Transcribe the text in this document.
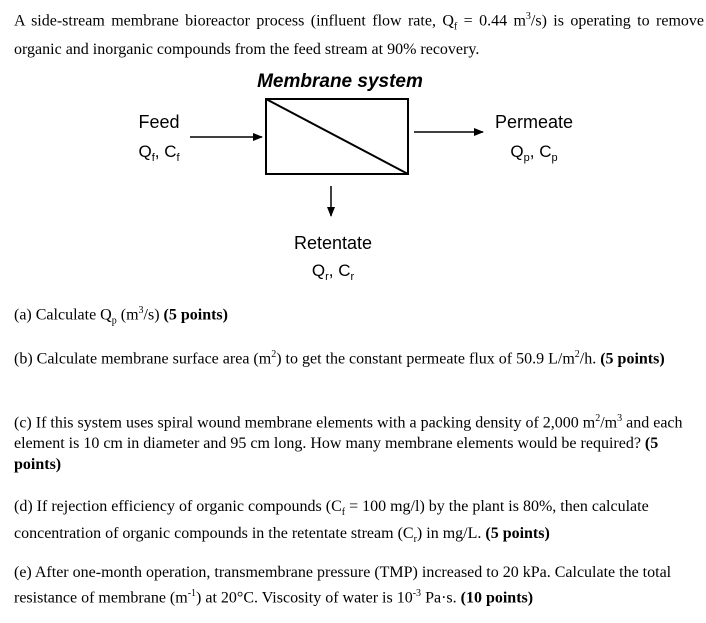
A side-stream membrane bioreactor process (influent flow rate, $Q_f = 0.44$ $m^3/s$) is operating to remove organic and inorganic compounds from the feed stream at 90% recovery.
Membrane system
Feed
$Q_f$, $C_f$
Permeate
$Q_p$, $C_p$
Retentate
$Q_r$, $C_r$
(a) Calculate $Q_p$ $(m^3/s)$ (5 points)
(b) Calculate membrane surface area $(m^2)$ to get the constant permeate flux of 50.9 $L/m^2/h$. (5 points)
(c) If this system uses spiral wound membrane elements with a packing density of 2,000 $m^2/m^3$ and each element is 10 cm in diameter and 95 cm long. How many membrane elements would be required? (5 points)
(d) If rejection efficiency of organic compounds ($C_f = 100$ mg/l) by the plant is 80%, then calculate concentration of organic compounds in the retentate stream $(C_r)$ in mg/L. (5 points)
(e) After one-month operation, transmembrane pressure (TMP) increased to 20 kPa. Calculate the total resistance of membrane $(m^{-1})$ at 20°C. Viscosity of water is $10^{-3}$ Pa·s. (10 points)
